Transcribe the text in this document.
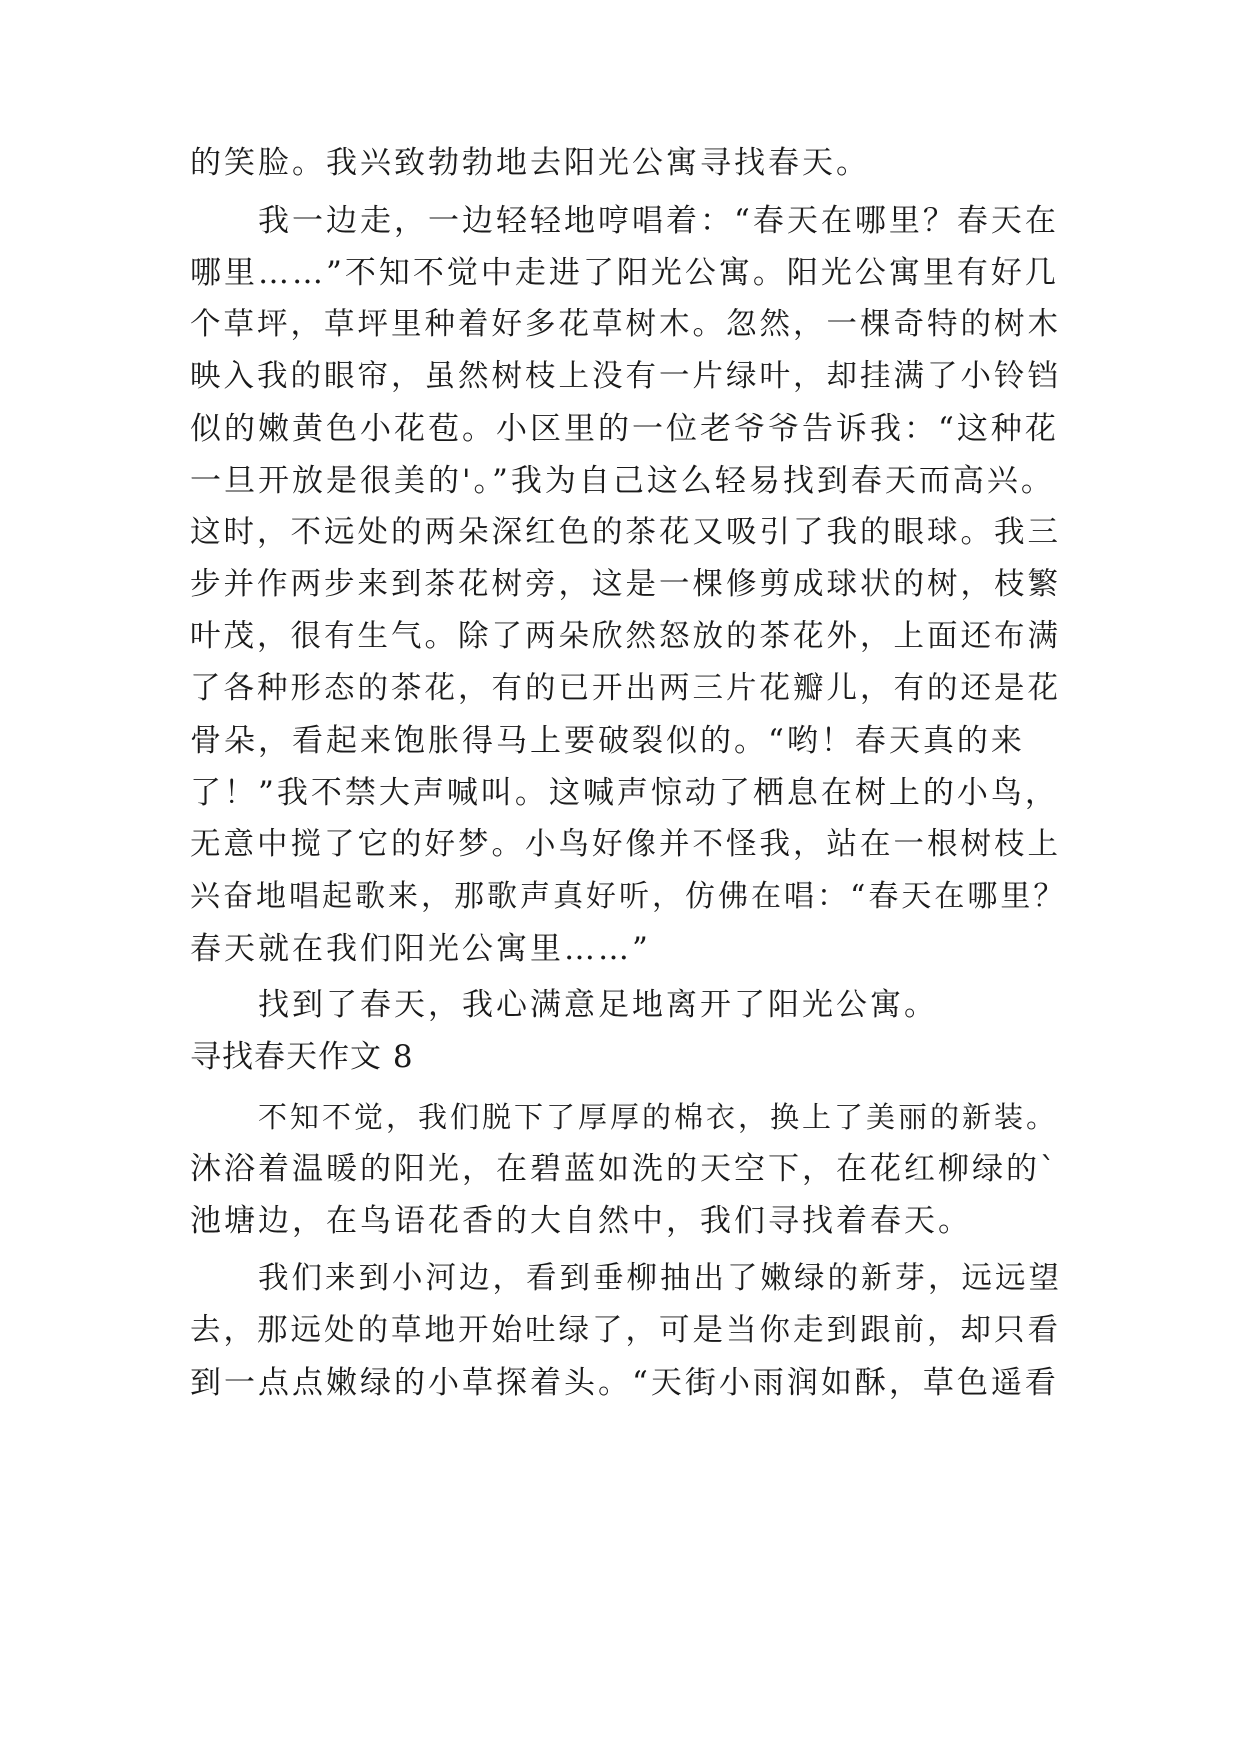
的笑脸。我兴致勃勃地去阳光公寓寻找春天。
我一边走，一边轻轻地哼唱着：“春天在哪里？春天在
哪里……”不知不觉中走进了阳光公寓。阳光公寓里有好几
个草坪，草坪里种着好多花草树木。忽然，一棵奇特的树木
映入我的眼帘，虽然树枝上没有一片绿叶，却挂满了小铃铛
似的嫩黄色小花苞。小区里的一位老爷爷告诉我：“这种花
一旦开放是很美的'。”我为自己这么轻易找到春天而高兴。
这时，不远处的两朵深红色的茶花又吸引了我的眼球。我三
步并作两步来到茶花树旁，这是一棵修剪成球状的树，枝繁
叶茂，很有生气。除了两朵欣然怒放的茶花外，上面还布满
了各种形态的茶花，有的已开出两三片花瓣儿，有的还是花
骨朵，看起来饱胀得马上要破裂似的。“哟！春天真的来
了！”我不禁大声喊叫。这喊声惊动了栖息在树上的小鸟，
无意中搅了它的好梦。小鸟好像并不怪我，站在一根树枝上
兴奋地唱起歌来，那歌声真好听，仿佛在唱：“春天在哪里？
春天就在我们阳光公寓里……”
找到了春天，我心满意足地离开了阳光公寓。
寻找春天作文 8
不知不觉，我们脱下了厚厚的棉衣，换上了美丽的新装。
沐浴着温暖的阳光，在碧蓝如洗的天空下，在花红柳绿的`
池塘边，在鸟语花香的大自然中，我们寻找着春天。
我们来到小河边，看到垂柳抽出了嫩绿的新芽，远远望
去，那远处的草地开始吐绿了，可是当你走到跟前，却只看
到一点点嫩绿的小草探着头。“天街小雨润如酥，草色遥看
